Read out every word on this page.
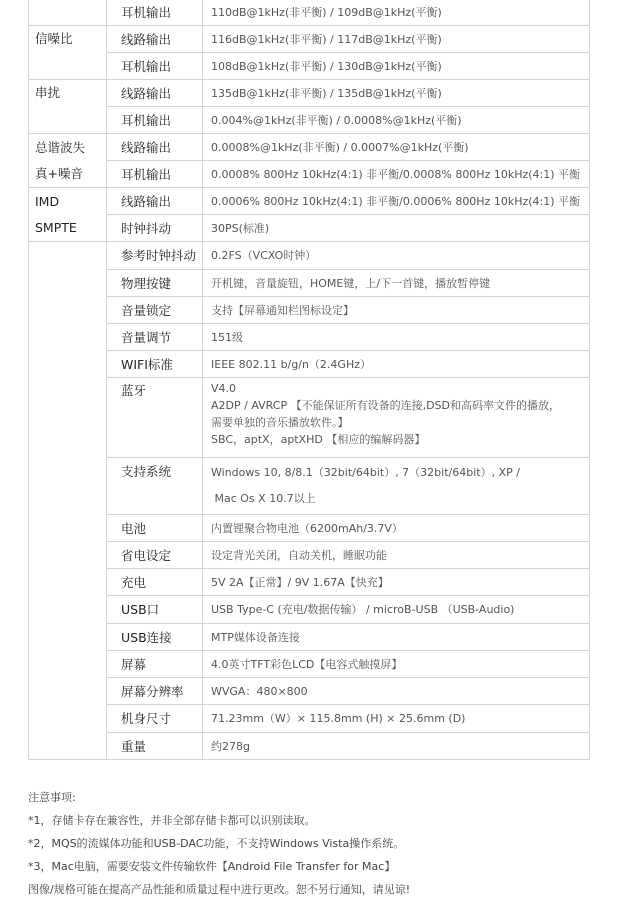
	耳机输出	110dB@1kHz(非平衡) / 109dB@1kHz(平衡)
信噪比	线路输出	116dB@1kHz(非平衡) / 117dB@1kHz(平衡)
	耳机输出	108dB@1kHz(非平衡) / 130dB@1kHz(平衡)
串扰	线路输出	135dB@1kHz(非平衡) / 135dB@1kHz(平衡)
	耳机输出	0.004%@1kHz(非平衡) / 0.0008%@1kHz(平衡)

总谐波失
真+噪音	线路输出	0.0008%@1kHz(非平衡) / 0.0007%@1kHz(平衡)
	耳机输出	0.0008% 800Hz 10kHz(4:1) 非平衡/0.0008% 800Hz 10kHz(4:1) 平衡

IMD
SMPTE	线路输出	0.0006% 800Hz 10kHz(4:1) 非平衡/0.0006% 800Hz 10kHz(4:1) 平衡
	时钟抖动	30PS(标准)
	参考时钟抖动	0.2FS（VCXO时钟）
	物理按键	开机键，音量旋钮，HOME键，上/下一首键，播放暂停键
	音量锁定	支持【屏幕通知栏图标设定】
	音量调节	151级
	WIFI标准	IEEE 802.11 b/g/n（2.4GHz）
	蓝牙	V4.0
A2DP / AVRCP 【不能保证所有设备的连接,DSD和高码率文件的播放，
需要单独的音乐播放软件。】
SBC，aptX，aptXHD 【相应的编解码器】

	支持系统	Windows 10, 8/8.1（32bit/64bit）, 7（32bit/64bit）, XP /
Mac Os X 10.7以上

	电池	内置锂聚合物电池（6200mAh/3.7V）
	省电设定	设定背光关闭，自动关机，睡眠功能
	充电	5V 2A【正常】/ 9V 1.67A【快充】
	USB口	USB Type-C (充电/数据传输） / microB-USB （USB-Audio)
	USB连接	MTP媒体设备连接
	屏幕	4.0英寸TFT彩色LCD【电容式触摸屏】
	屏幕分辨率	WVGA：480×800
	机身尺寸	71.23mm（W）× 115.8mm (H) × 25.6mm (D)
	重量	约278g

注意事项:

*1，存储卡存在兼容性，并非全部存储卡都可以识别读取。

*2，MQS的流媒体功能和USB-DAC功能，不支持Windows Vista操作系统。

*3，Mac电脑，需要安装文件传输软件【Android File Transfer for Mac】

图像/规格可能在提高产品性能和质量过程中进行更改。恕不另行通知，请见谅!
